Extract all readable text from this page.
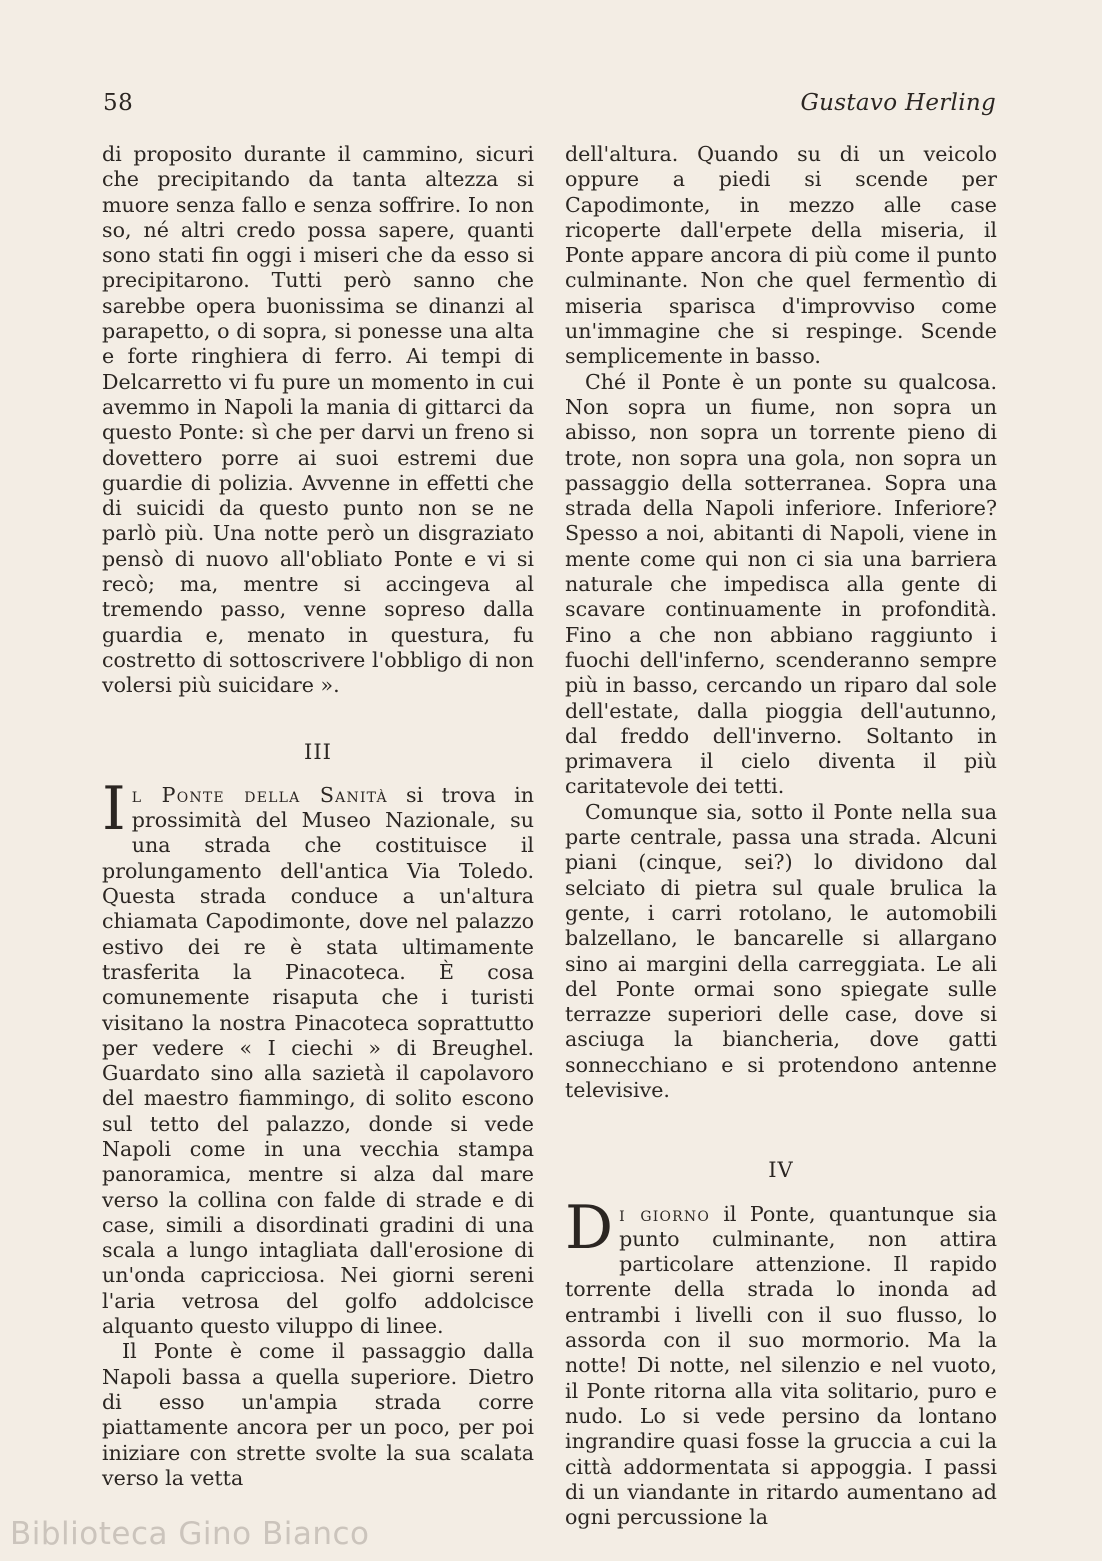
58	Gustavo Herling

di proposito durante il cammino, sicuri che precipitando da tanta altezza si muore senza fallo e senza soffrire. Io non so, né altri credo possa sapere, quanti sono stati fin oggi i miseri che da esso si precipitarono. Tutti però sanno che sarebbe opera buonissima se dinanzi al parapetto, o di sopra, si ponesse una alta e forte ringhiera di ferro. Ai tempi di Delcarretto vi fu pure un momento in cui avemmo in Napoli la mania di gittarci da questo Ponte: sì che per darvi un freno si dovettero porre ai suoi estremi due guardie di polizia. Avvenne in effetti che di suicidi da questo punto non se ne parlò più. Una notte però un disgraziato pensò di nuovo all'obliato Ponte e vi si recò; ma, mentre si accingeva al tremendo passo, venne sopreso dalla guardia e, menato in questura, fu costretto di sottoscrivere l'obbligo di non volersi più suicidare ».

III

Il Ponte della Sanità si trova in prossimità del Museo Nazionale, su una strada che costituisce il prolungamento dell'antica Via Toledo. Questa strada conduce a un'altura chiamata Capodimonte, dove nel palazzo estivo dei re è stata ultimamente trasferita la Pinacoteca. È cosa comunemente risaputa che i turisti visitano la nostra Pinacoteca soprattutto per vedere « I ciechi » di Breughel. Guardato sino alla sazietà il capolavoro del maestro fiammingo, di solito escono sul tetto del palazzo, donde si vede Napoli come in una vecchia stampa panoramica, mentre si alza dal mare verso la collina con falde di strade e di case, simili a disordinati gradini di una scala a lungo intagliata dall'erosione di un'onda capricciosa. Nei giorni sereni l'aria vetrosa del golfo addolcisce alquanto questo viluppo di linee.

Il Ponte è come il passaggio dalla Napoli bassa a quella superiore. Dietro di esso un'ampia strada corre piattamente ancora per un poco, per poi iniziare con strette svolte la sua scalata verso la vetta

dell'altura. Quando su di un veicolo oppure a piedi si scende per Capodimonte, in mezzo alle case ricoperte dall'erpete della miseria, il Ponte appare ancora di più come il punto culminante. Non che quel fermentìo di miseria sparisca d'improvviso come un'immagine che si respinge. Scende semplicemente in basso.

Ché il Ponte è un ponte su qualcosa. Non sopra un fiume, non sopra un abisso, non sopra un torrente pieno di trote, non sopra una gola, non sopra un passaggio della sotterranea. Sopra una strada della Napoli inferiore. Inferiore? Spesso a noi, abitanti di Napoli, viene in mente come qui non ci sia una barriera naturale che impedisca alla gente di scavare continuamente in profondità. Fino a che non abbiano raggiunto i fuochi dell'inferno, scenderanno sempre più in basso, cercando un riparo dal sole dell'estate, dalla pioggia dell'autunno, dal freddo dell'inverno. Soltanto in primavera il cielo diventa il più caritatevole dei tetti.

Comunque sia, sotto il Ponte nella sua parte centrale, passa una strada. Alcuni piani (cinque, sei?) lo dividono dal selciato di pietra sul quale brulica la gente, i carri rotolano, le automobili balzellano, le bancarelle si allargano sino ai margini della carreggiata. Le ali del Ponte ormai sono spiegate sulle terrazze superiori delle case, dove si asciuga la biancheria, dove gatti sonnecchiano e si protendono antenne televisive.

IV

Di giorno il Ponte, quantunque sia punto culminante, non attira particolare attenzione. Il rapido torrente della strada lo inonda ad entrambi i livelli con il suo flusso, lo assorda con il suo mormorio. Ma la notte! Di notte, nel silenzio e nel vuoto, il Ponte ritorna alla vita solitario, puro e nudo. Lo si vede persino da lontano ingrandire quasi fosse la gruccia a cui la città addormentata si appoggia. I passi di un viandante in ritardo aumentano ad ogni percussione la

Biblioteca Gino Bianco
